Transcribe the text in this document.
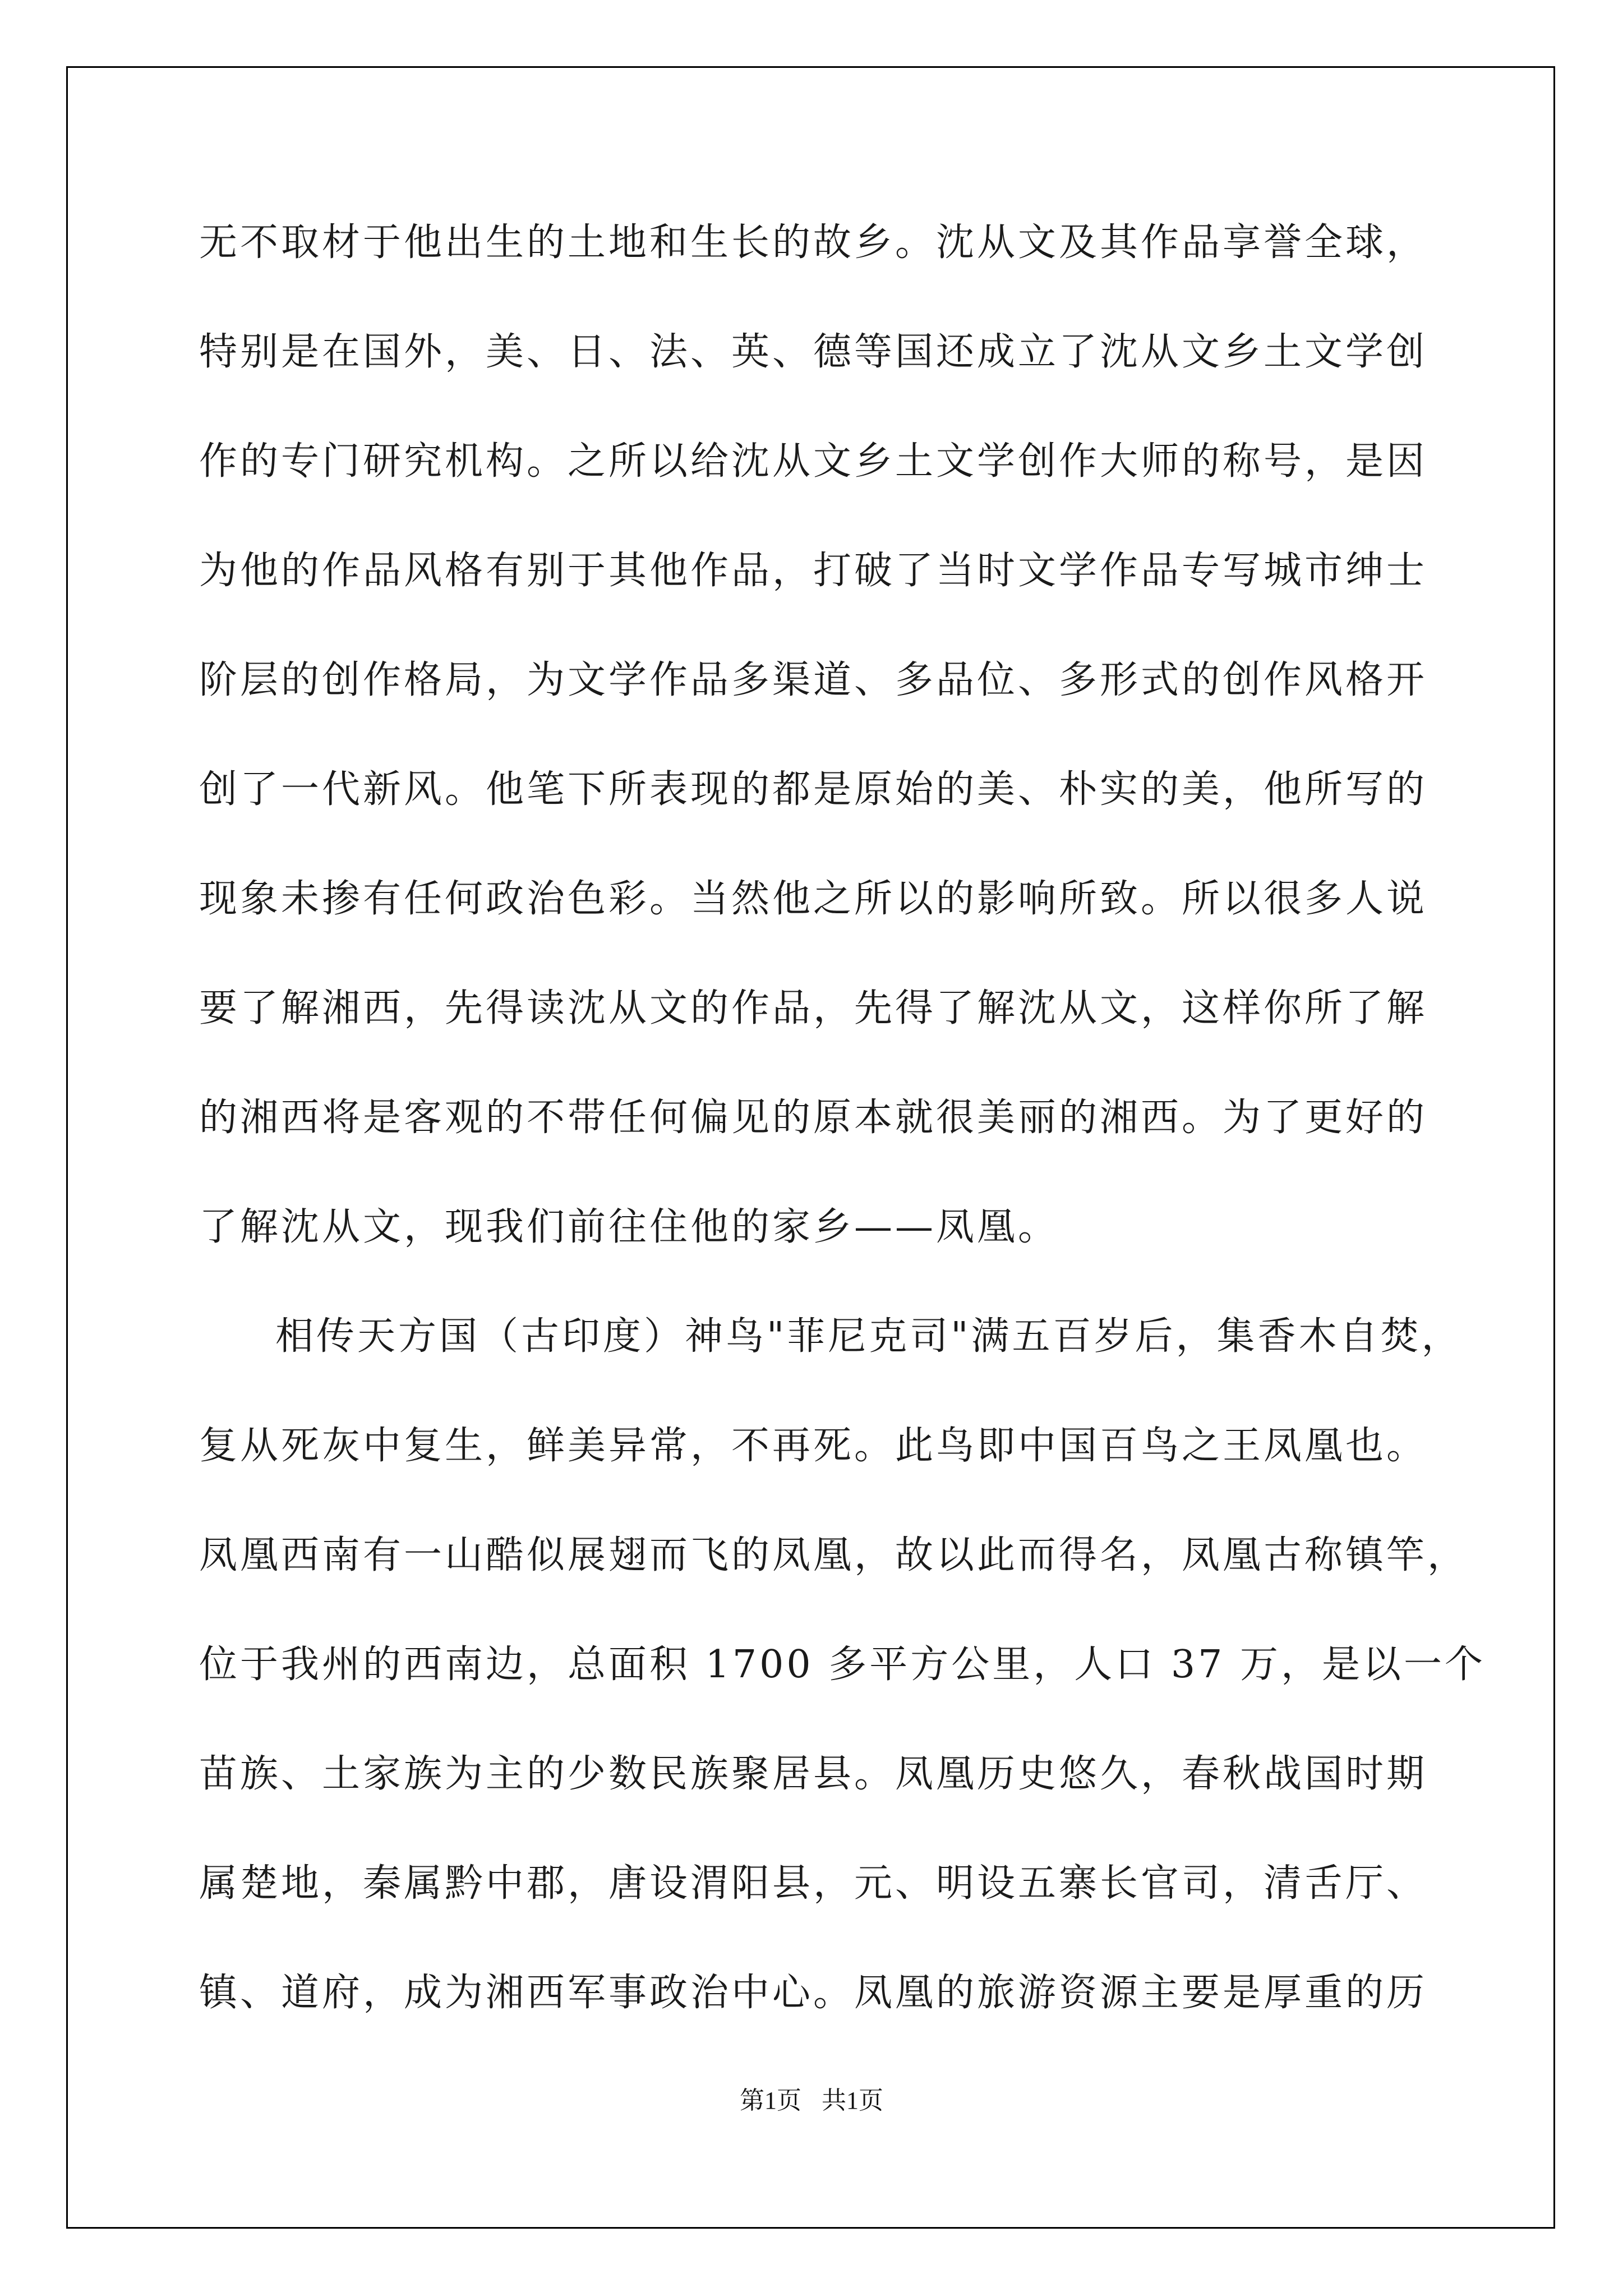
无不取材于他出生的土地和生长的故乡。沈从文及其作品享誉全球，
特别是在国外，美、日、法、英、德等国还成立了沈从文乡土文学创
作的专门研究机构。之所以给沈从文乡土文学创作大师的称号，是因
为他的作品风格有别于其他作品，打破了当时文学作品专写城市绅士
阶层的创作格局，为文学作品多渠道、多品位、多形式的创作风格开
创了一代新风。他笔下所表现的都是原始的美、朴实的美，他所写的
现象未掺有任何政治色彩。当然他之所以的影响所致。所以很多人说
要了解湘西，先得读沈从文的作品，先得了解沈从文，这样你所了解
的湘西将是客观的不带任何偏见的原本就很美丽的湘西。为了更好的
了解沈从文，现我们前往住他的家乡——凤凰。
相传天方国（古印度）神鸟"菲尼克司"满五百岁后，集香木自焚，
复从死灰中复生，鲜美异常，不再死。此鸟即中国百鸟之王凤凰也。
凤凰西南有一山酷似展翅而飞的凤凰，故以此而得名，凤凰古称镇竿，
位于我州的西南边，总面积 1700 多平方公里，人口 37 万，是以一个
苗族、土家族为主的少数民族聚居县。凤凰历史悠久，春秋战国时期
属楚地，秦属黔中郡，唐设渭阳县，元、明设五寨长官司，清舌厅、
镇、道府，成为湘西军事政治中心。凤凰的旅游资源主要是厚重的历
第1页 共1页
